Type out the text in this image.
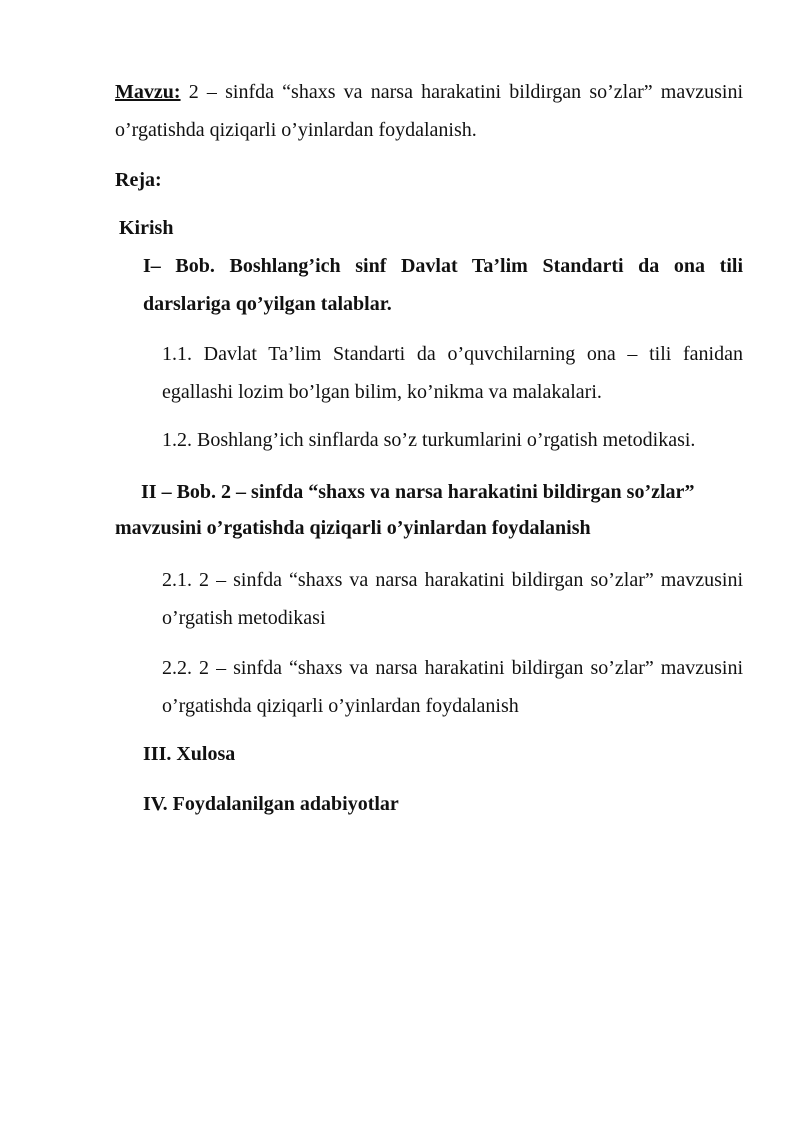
Mavzu: 2 – sinfda “shaxs va narsa harakatini bildirgan so’zlar” mavzusini o’rgatishda qiziqarli o’yinlardan foydalanish.
Reja:
Kirish
I– Bob. Boshlang’ich sinf Davlat Ta’lim Standarti da ona tili darslariga qo’yilgan talablar.
1.1. Davlat Ta’lim Standarti da o’quvchilarning ona – tili fanidan egallashi lozim bo’lgan bilim, ko’nikma va malakalari.
1.2. Boshlang’ich sinflarda so’z turkumlarini o’rgatish metodikasi.
II – Bob. 2 – sinfda “shaxs va narsa harakatini bildirgan so’zlar”
mavzusini o’rgatishda qiziqarli o’yinlardan foydalanish
2.1. 2 – sinfda “shaxs va narsa harakatini bildirgan so’zlar” mavzusini o’rgatish metodikasi
2.2. 2 – sinfda “shaxs va narsa harakatini bildirgan so’zlar” mavzusini o’rgatishda qiziqarli o’yinlardan foydalanish
III. Xulosa
IV. Foydalanilgan adabiyotlar
